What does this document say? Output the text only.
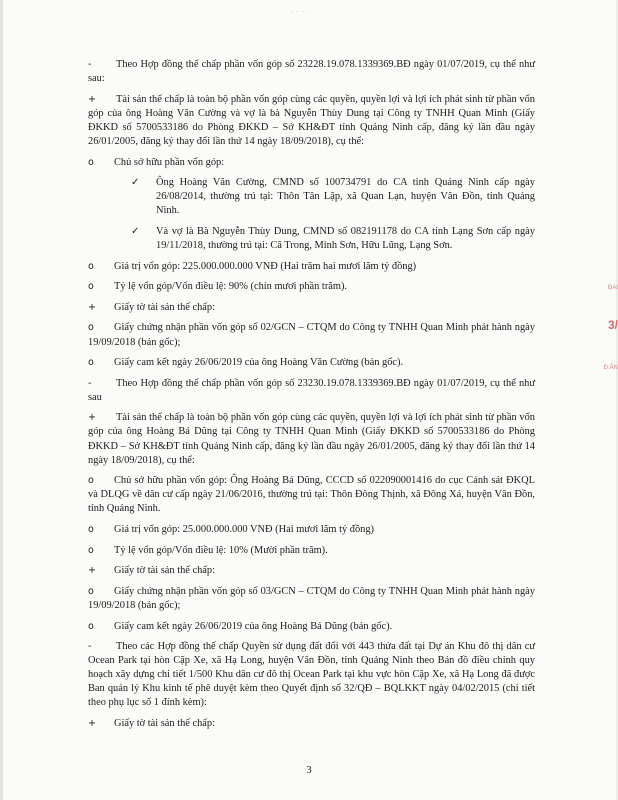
· · · ·
ĐAI
3/
Đ.ÂN
-	Theo Hợp đồng thế chấp phần vốn góp số 23228.19.078.1339369.BĐ ngày 01/07/2019, cụ thể như sau:
+	Tài sản thế chấp là toàn bộ phần vốn góp cùng các quyền, quyền lợi và lợi ích phát sinh từ phần vốn góp của ông Hoàng Văn Cường và vợ là bà Nguyễn Thùy Dung tại Công ty TNHH Quan Minh (Giấy ĐKKD số 5700533186 do Phòng ĐKKD – Sở KH&ĐT tỉnh Quảng Ninh cấp, đăng ký lần đầu ngày 26/01/2005, đăng ký thay đổi lần thứ 14 ngày 18/09/2018), cụ thể:
o	Chủ sở hữu phần vốn góp:
✓	Ông Hoàng Văn Cường, CMND số 100734791 do CA tỉnh Quảng Ninh cấp ngày 26/08/2014, thường trú tại: Thôn Tân Lập, xã Quan Lạn, huyện Vân Đồn, tỉnh Quảng Ninh.
✓	Và vợ là Bà Nguyễn Thùy Dung, CMND số 082191178 do CA tỉnh Lạng Sơn cấp ngày 19/11/2018, thường trú tại: Cã Trong, Minh Sơn, Hữu Lũng, Lạng Sơn.
o	Giá trị vốn góp: 225.000.000.000 VNĐ (Hai trăm hai mươi lăm tỷ đồng)
o	Tỷ lệ vốn góp/Vốn điều lệ: 90% (chín mươi phần trăm).
+	Giấy tờ tài sản thế chấp:
o	Giấy chứng nhận phần vốn góp số 02/GCN – CTQM do Công ty TNHH Quan Minh phát hành ngày 19/09/2018 (bản gốc);
o	Giấy cam kết ngày 26/06/2019 của ông Hoàng Văn Cường (bản gốc).
-	Theo Hợp đồng thế chấp phần vốn góp số 23230.19.078.1339369.BĐ ngày 01/07/2019, cụ thể như sau
+	Tài sản thế chấp là toàn bộ phần vốn góp cùng các quyền, quyền lợi và lợi ích phát sinh từ phần vốn góp của ông Hoàng Bá Dũng tại Công ty TNHH Quan Minh (Giấy ĐKKD số 5700533186 do Phòng ĐKKD – Sở KH&ĐT tỉnh Quảng Ninh cấp, đăng ký lần đầu ngày 26/01/2005, đăng ký thay đổi lần thứ 14 ngày 18/09/2018), cụ thể:
o	Chủ sở hữu phần vốn góp: Ông Hoàng Bá Dũng, CCCD số 022090001416 do cục Cảnh sát ĐKQL và DLQG về dân cư cấp ngày 21/06/2016, thường trú tại: Thôn Đông Thịnh, xã Đông Xá, huyện Vân Đồn, tỉnh Quảng Ninh.
o	Giá trị vốn góp: 25.000.000.000 VNĐ (Hai mươi lăm tỷ đồng)
o	Tỷ lệ vốn góp/Vốn điều lệ: 10% (Mười phần trăm).
+	Giấy tờ tài sản thế chấp:
o	Giấy chứng nhận phần vốn góp số 03/GCN – CTQM do Công ty TNHH Quan Minh phát hành ngày 19/09/2018 (bản gốc);
o	Giấy cam kết ngày 26/06/2019 của ông Hoàng Bá Dũng (bản gốc).
-	Theo các Hợp đồng thế chấp Quyền sử dụng đất đối với 443 thửa đất tại Dự án Khu đô thị dân cư Ocean Park tại hòn Cặp Xe, xã Hạ Long, huyện Vân Đồn, tỉnh Quảng Ninh theo Bản đồ điều chỉnh quy hoạch xây dựng chi tiết 1/500 Khu dân cư đô thị Ocean Park tại khu vực hòn Cặp Xe, xã Hạ Long đã được Ban quản lý Khu kinh tế phê duyệt kèm theo Quyết định số 32/QĐ – BQLKKT ngày 04/02/2015 (chi tiết theo phụ lục số 1 đính kèm):
+	Giấy tờ tài sản thế chấp:
3
